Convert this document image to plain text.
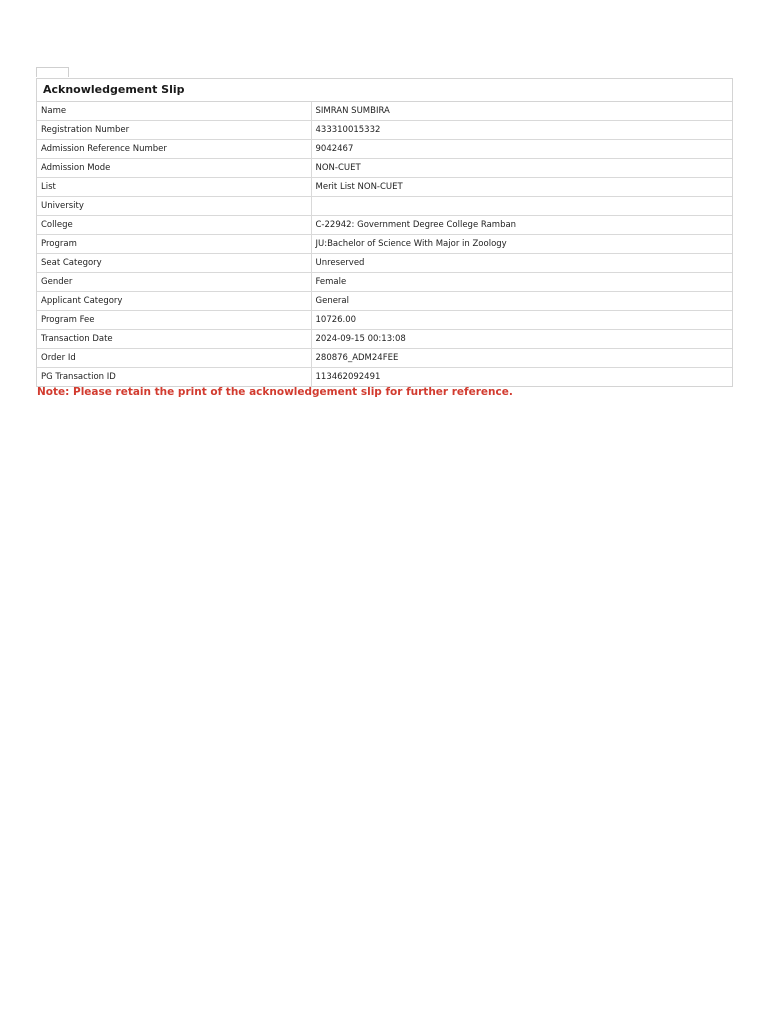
Acknowledgement Slip
Name	SIMRAN SUMBIRA
Registration Number	433310015332
Admission Reference Number	9042467
Admission Mode	NON-CUET
List	Merit List NON-CUET
University	
College	C-22942: Government Degree College Ramban
Program	JU:Bachelor of Science With Major in Zoology
Seat Category	Unreserved
Gender	Female
Applicant Category	General
Program Fee	10726.00
Transaction Date	2024-09-15 00:13:08
Order Id	280876_ADM24FEE
PG Transaction ID	113462092491
Note: Please retain the print of the acknowledgement slip for further reference.
